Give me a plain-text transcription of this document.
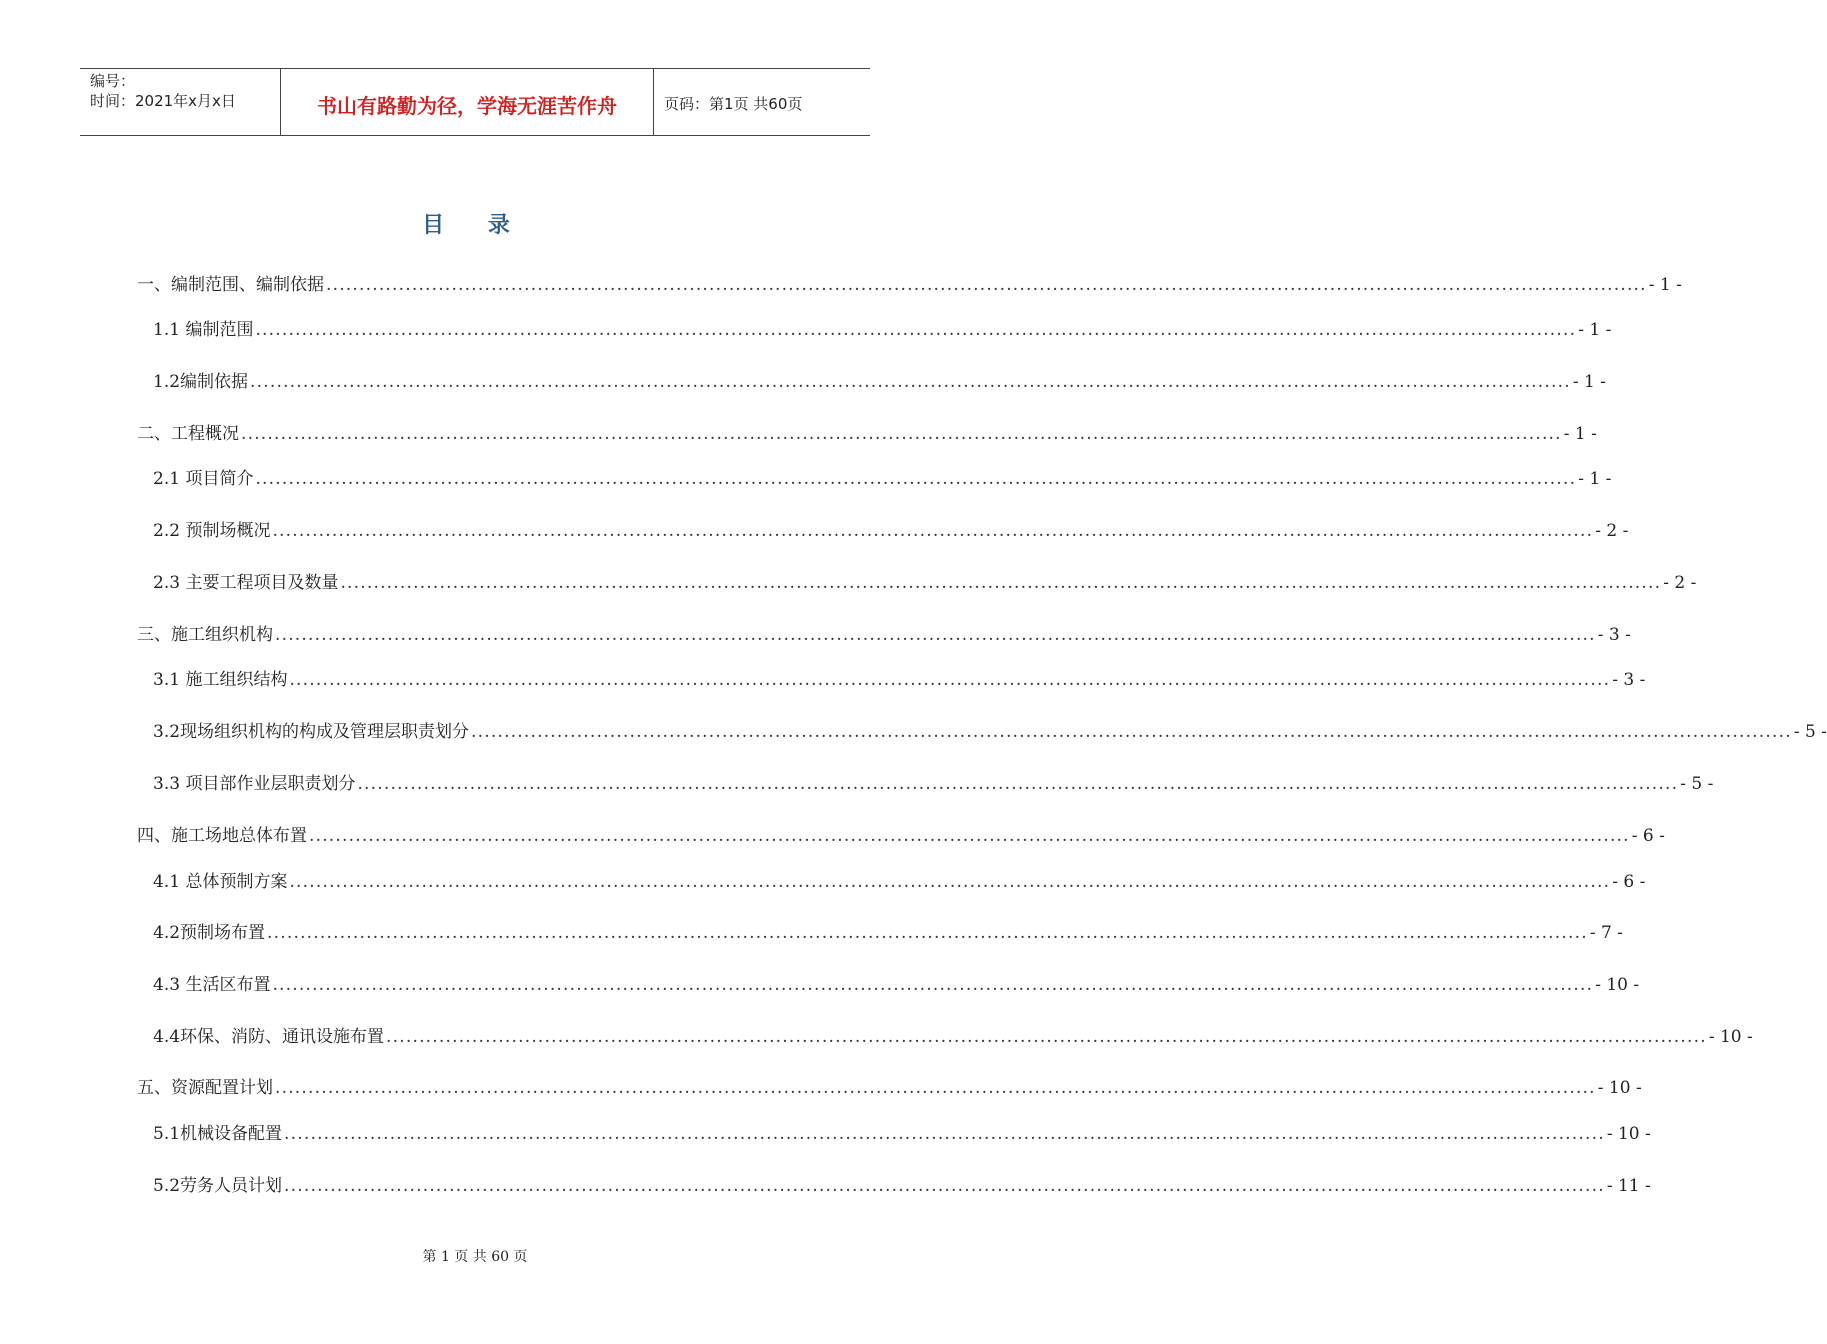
编号：
时间：2021年x月x日	书山有路勤为径，学海无涯苦作舟	页码：第1页 共60页
目 录
一、编制范围、编制依据 ........................................................................................................................................................................................................ - 1 -
1.1 编制范围 ........................................................................................................................................................................................................ - 1 -
1.2编制依据 ........................................................................................................................................................................................................ - 1 -
二、工程概况 ........................................................................................................................................................................................................ - 1 -
2.1 项目简介 ........................................................................................................................................................................................................ - 1 -
2.2 预制场概况 ........................................................................................................................................................................................................ - 2 -
2.3 主要工程项目及数量 ........................................................................................................................................................................................................ - 2 -
三、施工组织机构 ........................................................................................................................................................................................................ - 3 -
3.1 施工组织结构 ........................................................................................................................................................................................................ - 3 -
3.2现场组织机构的构成及管理层职责划分 ........................................................................................................................................................................................................ - 5 -
3.3 项目部作业层职责划分 ........................................................................................................................................................................................................ - 5 -
四、施工场地总体布置 ........................................................................................................................................................................................................ - 6 -
4.1 总体预制方案 ........................................................................................................................................................................................................ - 6 -
4.2预制场布置 ........................................................................................................................................................................................................ - 7 -
4.3 生活区布置 ........................................................................................................................................................................................................ - 10 -
4.4环保、消防、通讯设施布置 ........................................................................................................................................................................................................ - 10 -
五、资源配置计划 ........................................................................................................................................................................................................ - 10 -
5.1机械设备配置 ........................................................................................................................................................................................................ - 10 -
5.2劳务人员计划 ........................................................................................................................................................................................................ - 11 -
第 1 页 共 60 页
